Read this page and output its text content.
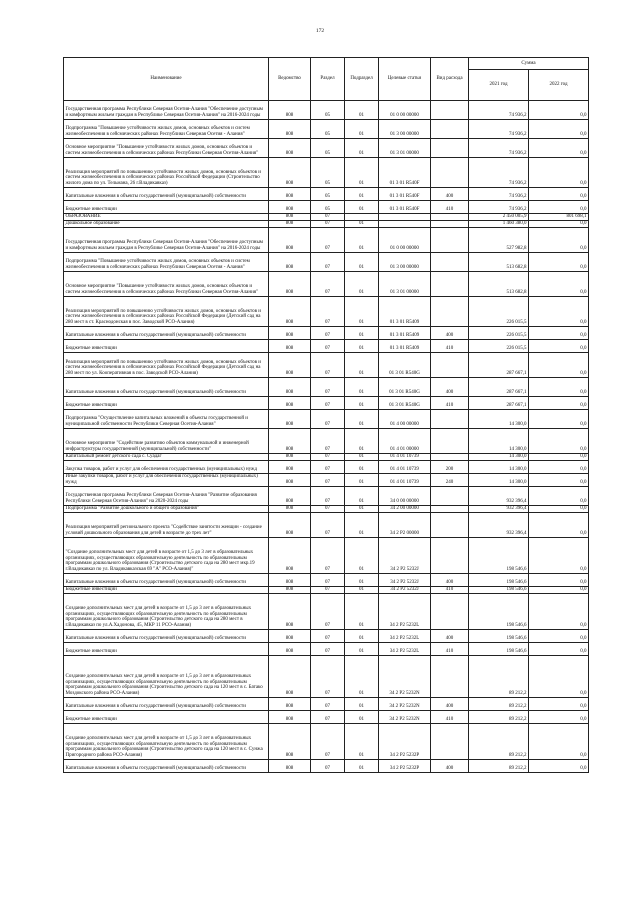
172
Наименование	Ведомство	Раздел	Подраздел	Целевые статьи	Вид расхода	Сумма	
						2021 год	2022 год
Государственная программа Республики Северная Осетия-Алания "Обеспечение доступным и комфортным жильем граждан в Республике Северная Осетия-Алания" на 2016-2024 годы	808	05	01	01 0 00 00000		74 936,2	0,0
Подпрограмма "Повышение устойчивости жилых домов, основных объектов и систем жизнеобеспечения в сейсмических районах Республики Северная Осетия - Алания"	808	05	01	01 3 00 00000		74 936,2	0,0
Основное мероприятие "Повышение устойчивости жилых домов, основных объектов и систем жизнеобеспечения в сейсмических районах Республики Северная Осетия-Алания"	808	05	01	01 3 01 00000		74 936,2	0,0
Реализация мероприятий по повышению устойчивости жилых домов, основных объектов и систем жизнеобеспечения в сейсмических районах Российской Федерации (Строительство жилого дома по ул. Тельмана, 26 г.Владикавказ)	808	05	01	01 3 01 R540F		74 936,2	0,0
Капитальные вложения в объекты государственной (муниципальной) собственности	808	05	01	01 3 01 R540F	400	74 936,2	0,0
Бюджетные инвестиции	808	05	01	01 3 01 R540F	410	74 936,2	0,0
ОБРАЗОВАНИЕ	808	07				2 450 005,9	801 698,1
Дошкольное образование	808	07	01			1 460 380,0	0,0
Государственная программа Республики Северная Осетия-Алания "Обеспечение доступным и комфортным жильем граждан в Республике Северная Осетия-Алания" на 2016-2024 годы	808	07	01	01 0 00 00000		527 982,8	0,0
Подпрограмма "Повышение устойчивости жилых домов, основных объектов и систем жизнеобеспечения в сейсмических районах Республики Северная Осетия - Алания"	808	07	01	01 3 00 00000		513 682,8	0,0
Основное мероприятие "Повышение устойчивости жилых домов, основных объектов и систем жизнеобеспечения в сейсмических районах Республики Северная Осетия-Алания"	808	07	01	01 3 01 00000		513 682,8	0,0
Реализация мероприятий по повышению устойчивости жилых домов, основных объектов и систем жизнеобеспечения в сейсмических районах Российской Федерации (Детский сад на 280 мест в ст. Краснодонская в пос. Заводской РСО-Алания)	808	07	01	01 3 01 R5409		226 015,5	0,0
Капитальные вложения в объекты государственной (муниципальной) собственности	808	07	01	01 3 01 R5409	400	226 015,5	0,0
Бюджетные инвестиции	808	07	01	01 3 01 R5409	410	226 015,5	0,0
Реализация мероприятий по повышению устойчивости жилых домов, основных объектов и систем жизнеобеспечения в сейсмических районах Российской Федерации (Детский сад на 280 мест по ул. Кооперативная в пос. Заводской РСО-Алания)	808	07	01	01 3 01 R540G		287 667,1	0,0
Капитальные вложения в объекты государственной (муниципальной) собственности	808	07	01	01 3 01 R540G	400	287 667,1	0,0
Бюджетные инвестиции	808	07	01	01 3 01 R540G	410	287 667,1	0,0
Подпрограмма "Осуществление капитальных вложений в объекты государственной и муниципальной собственности Республики Северная Осетия-Алания"	808	07	01	01 4 00 00000		14 300,0	0,0
Основное мероприятие "Содействие развитию объектов коммунальной и инженерной инфраструктуры государственной (муниципальной) собственности"	808	07	01	01 4 01 00000		14 300,0	0,0
Капитальный ремонт детского сада с. Суадаг	808	07	01	01 4 01 10739		14 300,0	0,0
Закупка товаров, работ и услуг для обеспечения государственных (муниципальных) нужд	808	07	01	01 4 01 10739	200	14 300,0	0,0
Иные закупки товаров, работ и услуг для обеспечения государственных (муниципальных) нужд	808	07	01	01 4 01 10739	240	14 300,0	0,0
Государственная программа Республики Северная Осетия-Алания "Развитие образования Республики Северная Осетия-Алания" на 2020-2024 годы	808	07	01	34 0 00 00000		932 396,4	0,0
Подпрограмма "Развитие дошкольного и общего образования"	808	07	01	34 2 00 00000		932 396,4	0,0
Реализация мероприятий регионального проекта "Содействие занятости женщин - создание условий дошкольного образования для детей в возрасте до трех лет"	808	07	01	34 2 P2 00000		932 396,4	0,0
"Создание дополнительных мест для детей в возрасте от 1,5 до 3 лет в образовательных организациях, осуществляющих образовательную деятельность по образовательным программам дошкольного образования (Строительство детского сада на 280 мест мкр.19 г.Владикавказ по ул. Владикавказская 69 "А" РСО-Алания)"	808	07	01	34 2 P2 5232J		198 546,6	0,0
Капитальные вложения в объекты государственной (муниципальной) собственности	808	07	01	34 2 P2 5232J	400	198 546,6	0,0
Бюджетные инвестиции	808	07	01	34 2 P2 5232J	410	198 546,6	0,0
Создание дополнительных мест для детей в возрасте от 1,5 до 3 лет в образовательных организациях, осуществляющих образовательную деятельность по образовательным программам дошкольного образования (Строительство детского сада на 280 мест в г.Владикавказ по ул.А.Хадонова, 45, МКР 11 РСО-Алания)	808	07	01	34 2 P2 5232L		198 546,6	0,0
Капитальные вложения в объекты государственной (муниципальной) собственности	808	07	01	34 2 P2 5232L	400	198 546,6	0,0
Бюджетные инвестиции	808	07	01	34 2 P2 5232L	410	198 546,6	0,0
Создание дополнительных мест для детей в возрасте от 1,5 до 3 лет в образовательных организациях, осуществляющих образовательную деятельность по образовательным программам дошкольного образования (Строительство детского сада на 120 мест в с. Батако Моздокского района РСО-Алания)	808	07	01	34 2 P2 5232N		89 212,2	0,0
Капитальные вложения в объекты государственной (муниципальной) собственности	808	07	01	34 2 P2 5232N	400	89 212,2	0,0
Бюджетные инвестиции	808	07	01	34 2 P2 5232N	410	89 212,2	0,0
Создание дополнительных мест для детей в возрасте от 1,5 до 3 лет в образовательных организациях, осуществляющих образовательную деятельность по образовательным программам дошкольного образования (Строительство детского сада на 120 мест в с. Сунжа Пригородного района РСО-Алания)	808	07	01	34 2 P2 5232P		89 212,2	0,0
Капитальные вложения в объекты государственной (муниципальной) собственности	808	07	01	34 2 P2 5232P	400	89 212,2	0,0
